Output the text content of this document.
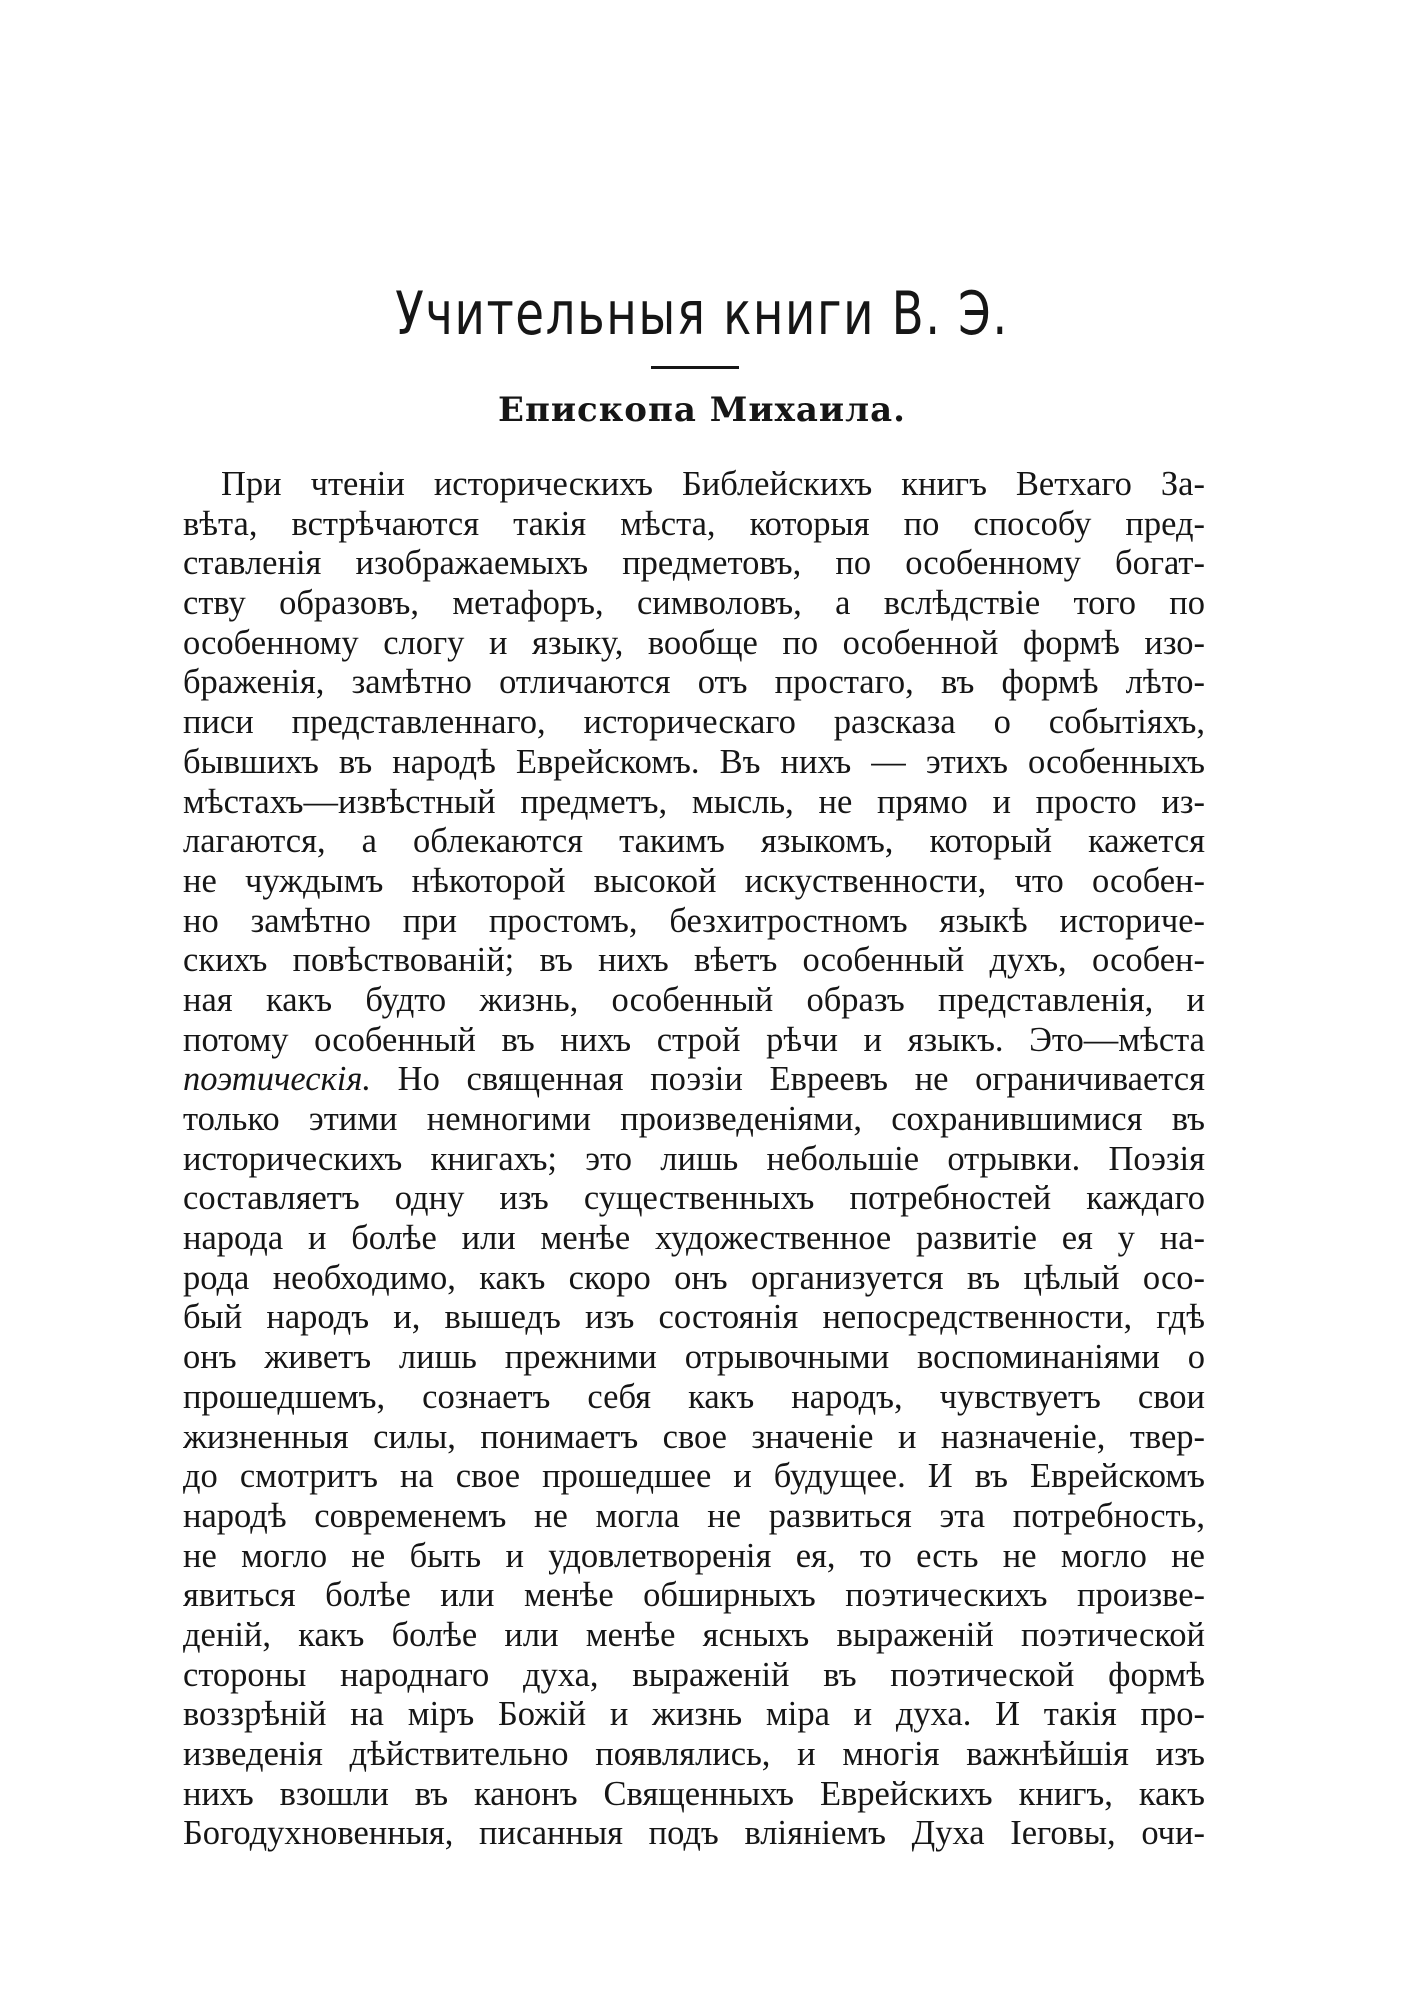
Учительныя книги В. Э.
Епископа Михаила.
При чтеніи историческихъ Библейскихъ книгъ Ветхаго За-
вѣта, встрѣчаются такія мѣста, которыя по способу пред-
ставленія изображаемыхъ предметовъ, по особенному богат-
ству образовъ, метафоръ, символовъ, а вслѣдствіе того по
особенному слогу и языку, вообще по особенной формѣ изо-
браженія, замѣтно отличаются отъ простаго, въ формѣ лѣто-
писи представленнаго, историческаго разсказа о событіяхъ,
бывшихъ въ народѣ Еврейскомъ. Въ нихъ — этихъ особенныхъ
мѣстахъ—извѣстный предметъ, мысль, не прямо и просто из-
лагаются, а облекаются такимъ языкомъ, который кажется
не чуждымъ нѣкоторой высокой искуственности, что особен-
но замѣтно при простомъ, безхитростномъ языкѣ историче-
скихъ повѣствованій; въ нихъ вѣетъ особенный духъ, особен-
ная какъ будто жизнь, особенный образъ представленія, и
потому особенный въ нихъ строй рѣчи и языкъ. Это—мѣста
поэтическія. Но священная поэзіи Евреевъ не ограничивается
только этими немногими произведеніями, сохранившимися въ
историческихъ книгахъ; это лишь небольшіе отрывки. Поэзія
составляетъ одну изъ существенныхъ потребностей каждаго
народа и болѣе или менѣе художественное развитіе ея у на-
рода необходимо, какъ скоро онъ организуется въ цѣлый осо-
бый народъ и, вышедъ изъ состоянія непосредственности, гдѣ
онъ живетъ лишь прежними отрывочными воспоминаніями о
прошедшемъ, сознаетъ себя какъ народъ, чувствуетъ свои
жизненныя силы, понимаетъ свое значеніе и назначеніе, твер-
до смотритъ на свое прошедшее и будущее. И въ Еврейскомъ
народѣ современемъ не могла не развиться эта потребность,
не могло не быть и удовлетворенія ея, то есть не могло не
явиться болѣе или менѣе обширныхъ поэтическихъ произве-
деній, какъ болѣе или менѣе ясныхъ выраженій поэтической
стороны народнаго духа, выраженій въ поэтической формѣ
воззрѣній на міръ Божій и жизнь міра и духа. И такія про-
изведенія дѣйствительно появлялись, и многія важнѣйшія изъ
нихъ взошли въ канонъ Священныхъ Еврейскихъ книгъ, какъ
Богодухновенныя, писанныя подъ вліяніемъ Духа Іеговы, очи-
